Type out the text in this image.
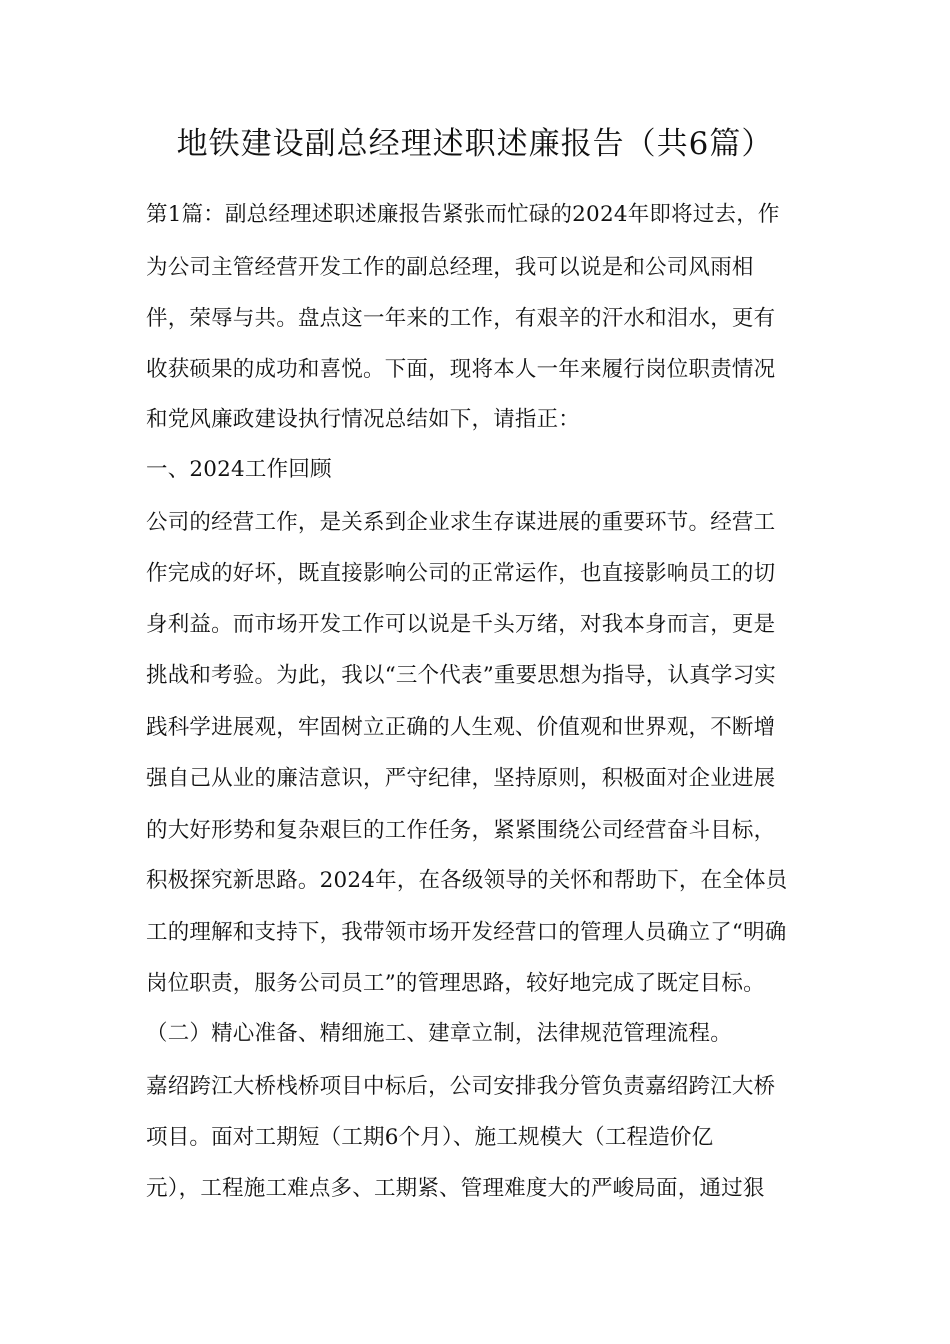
地铁建设副总经理述职述廉报告（共6篇）
第1篇：副总经理述职述廉报告紧张而忙碌的2024年即将过去，作
为公司主管经营开发工作的副总经理，我可以说是和公司风雨相
伴，荣辱与共。盘点这一年来的工作，有艰辛的汗水和泪水，更有
收获硕果的成功和喜悦。下面，现将本人一年来履行岗位职责情况
和党风廉政建设执行情况总结如下，请指正：
一、2024工作回顾
公司的经营工作，是关系到企业求生存谋进展的重要环节。经营工
作完成的好坏，既直接影响公司的正常运作，也直接影响员工的切
身利益。而市场开发工作可以说是千头万绪，对我本身而言，更是
挑战和考验。为此，我以“三个代表”重要思想为指导，认真学习实
践科学进展观，牢固树立正确的人生观、价值观和世界观，不断增
强自己从业的廉洁意识，严守纪律，坚持原则，积极面对企业进展
的大好形势和复杂艰巨的工作任务，紧紧围绕公司经营奋斗目标，
积极探究新思路。2024年，在各级领导的关怀和帮助下，在全体员
工的理解和支持下，我带领市场开发经营口的管理人员确立了“明确
岗位职责，服务公司员工”的管理思路，较好地完成了既定目标。
（二）精心准备、精细施工、建章立制，法律规范管理流程。
嘉绍跨江大桥栈桥项目中标后，公司安排我分管负责嘉绍跨江大桥
项目。面对工期短（工期6个月）、施工规模大（工程造价亿
元），工程施工难点多、工期紧、管理难度大的严峻局面，通过狠
